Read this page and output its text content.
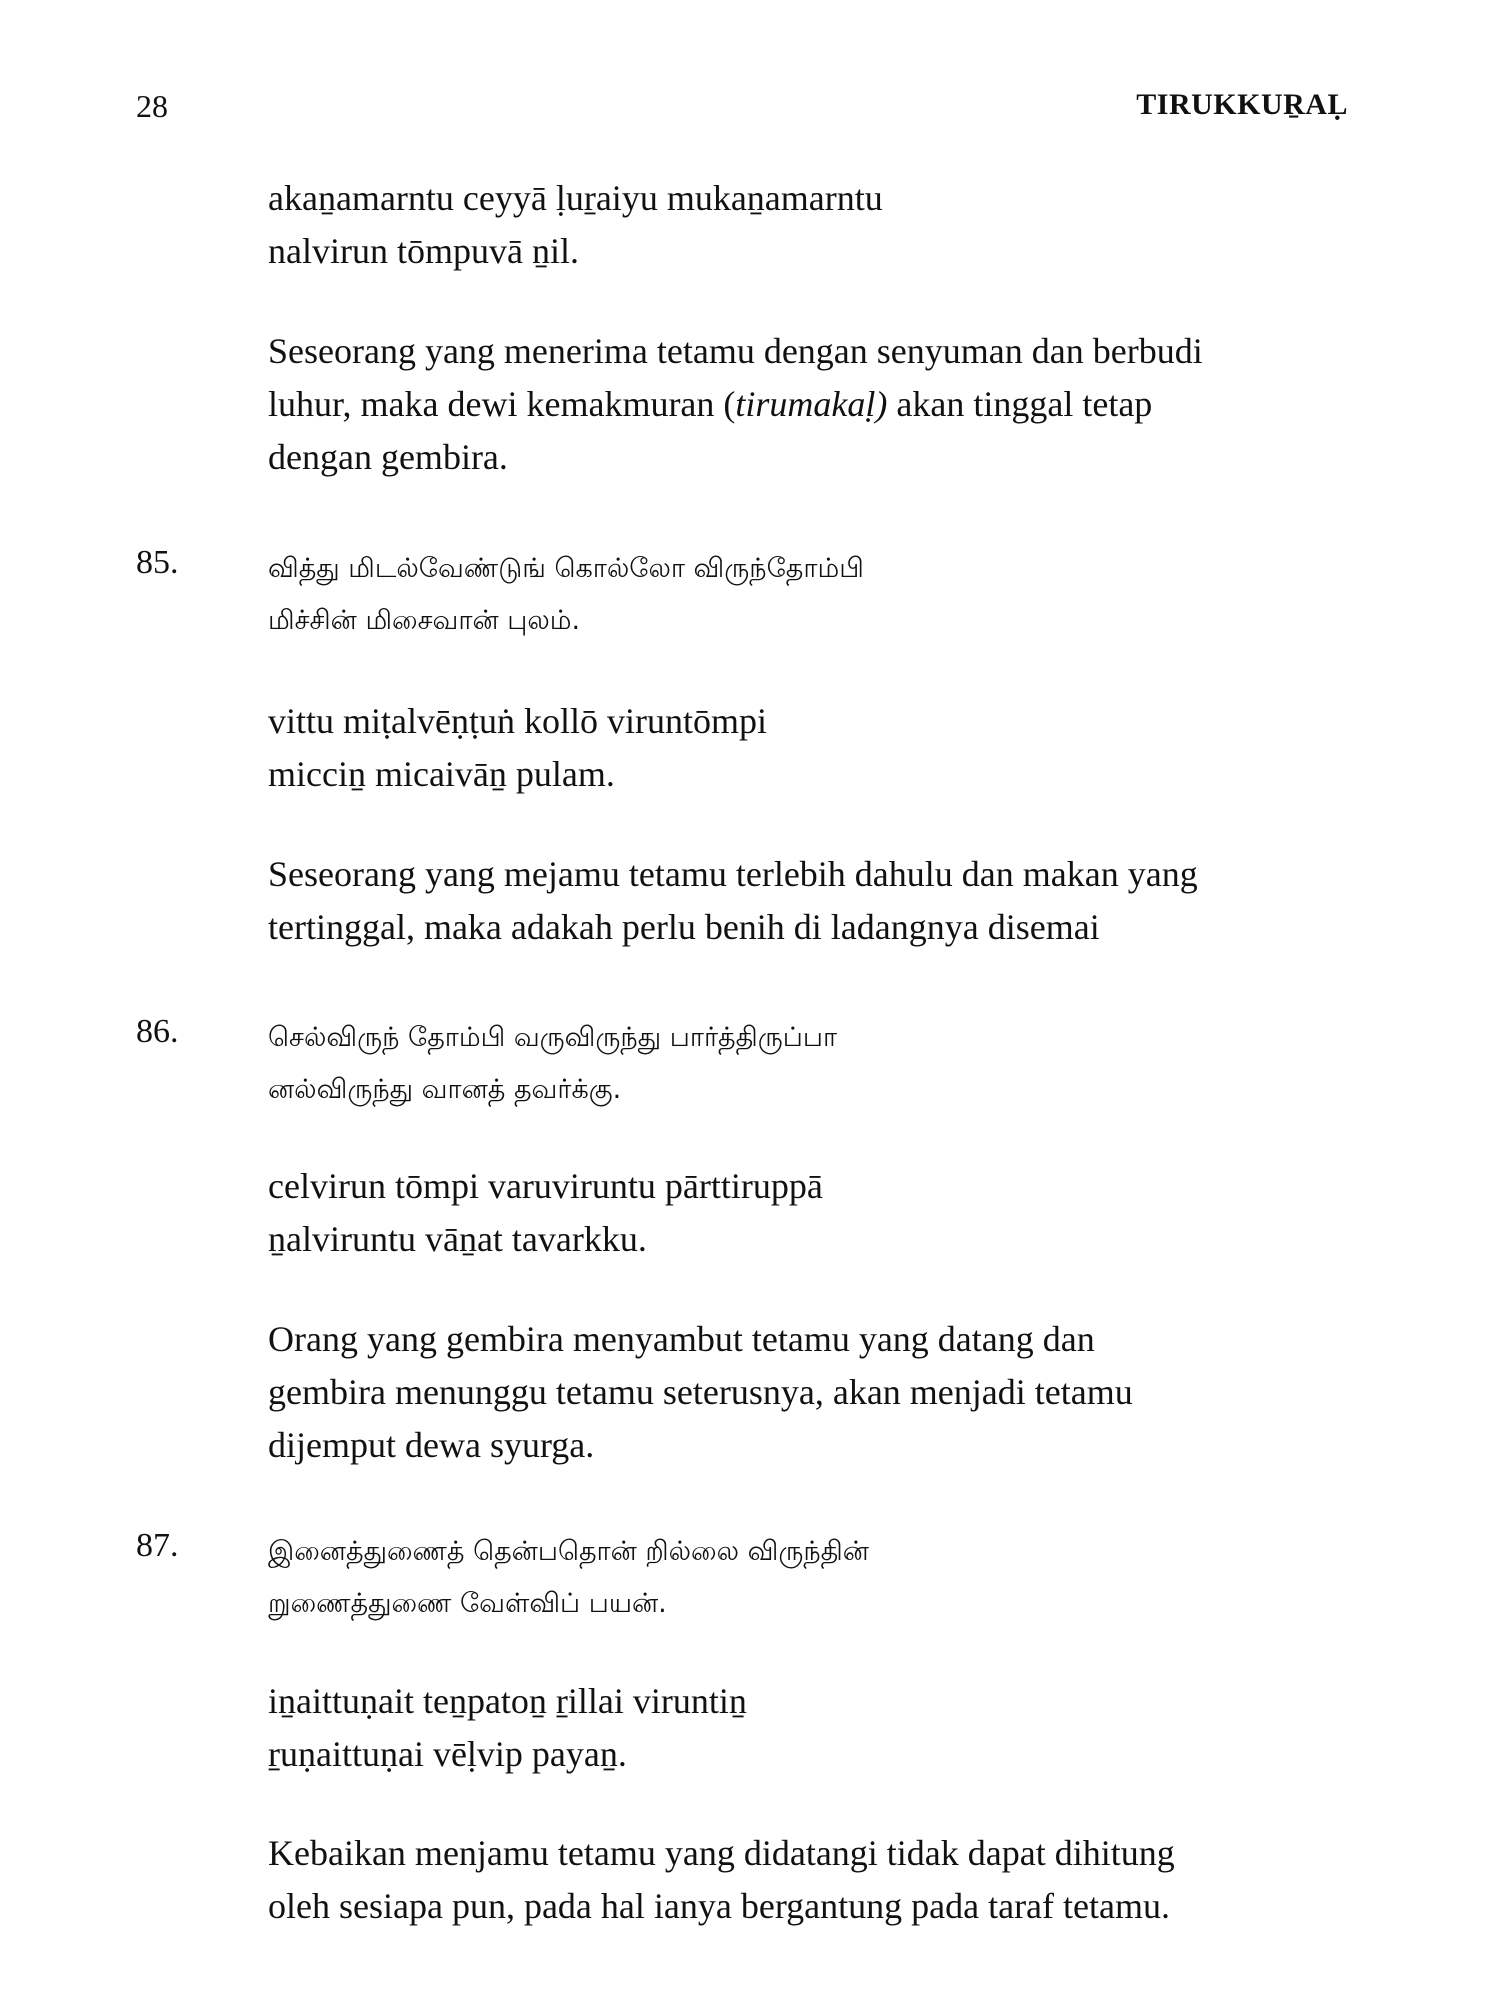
28	TIRUKKUṞAḶ
akaṉamarntu ceyyā ḷuṟaiyu mukaṉamarntu
nalvirun tōmpuvā ṉil.
Seseorang yang menerima tetamu dengan senyuman dan berbudi
luhur, maka dewi kemakmuran (tirumakaḷ) akan tinggal tetap
dengan gembira.
85.	வித்து மிடல்வேண்டுங் கொல்லோ விருந்தோம்பி
மிச்சின் மிசைவான் புலம்.
vittu miṭalvēṇṭuṅ kollō viruntōmpi
micciṉ micaivāṉ pulam.
Seseorang yang mejamu tetamu terlebih dahulu dan makan yang
tertinggal, maka adakah perlu benih di ladangnya disemai
86.	செல்விருந் தோம்பி வருவிருந்து பார்த்திருப்பா
னல்விருந்து வானத் தவர்க்கு.
celvirun tōmpi varuviruntu pārttiruppā
ṉalviruntu vāṉat tavarkku.
Orang yang gembira menyambut tetamu yang datang dan
gembira menunggu tetamu seterusnya, akan menjadi tetamu
dijemput dewa syurga.
87.	இனைத்துணைத் தென்பதொன் றில்லை விருந்தின்
றுணைத்துணை வேள்விப் பயன்.
iṉaittuṇait teṉpatoṉ ṟillai viruntiṉ
ṟuṇaittuṇai vēḷvip payaṉ.
Kebaikan menjamu tetamu yang didatangi tidak dapat dihitung
oleh sesiapa pun, pada hal ianya bergantung pada taraf tetamu.
